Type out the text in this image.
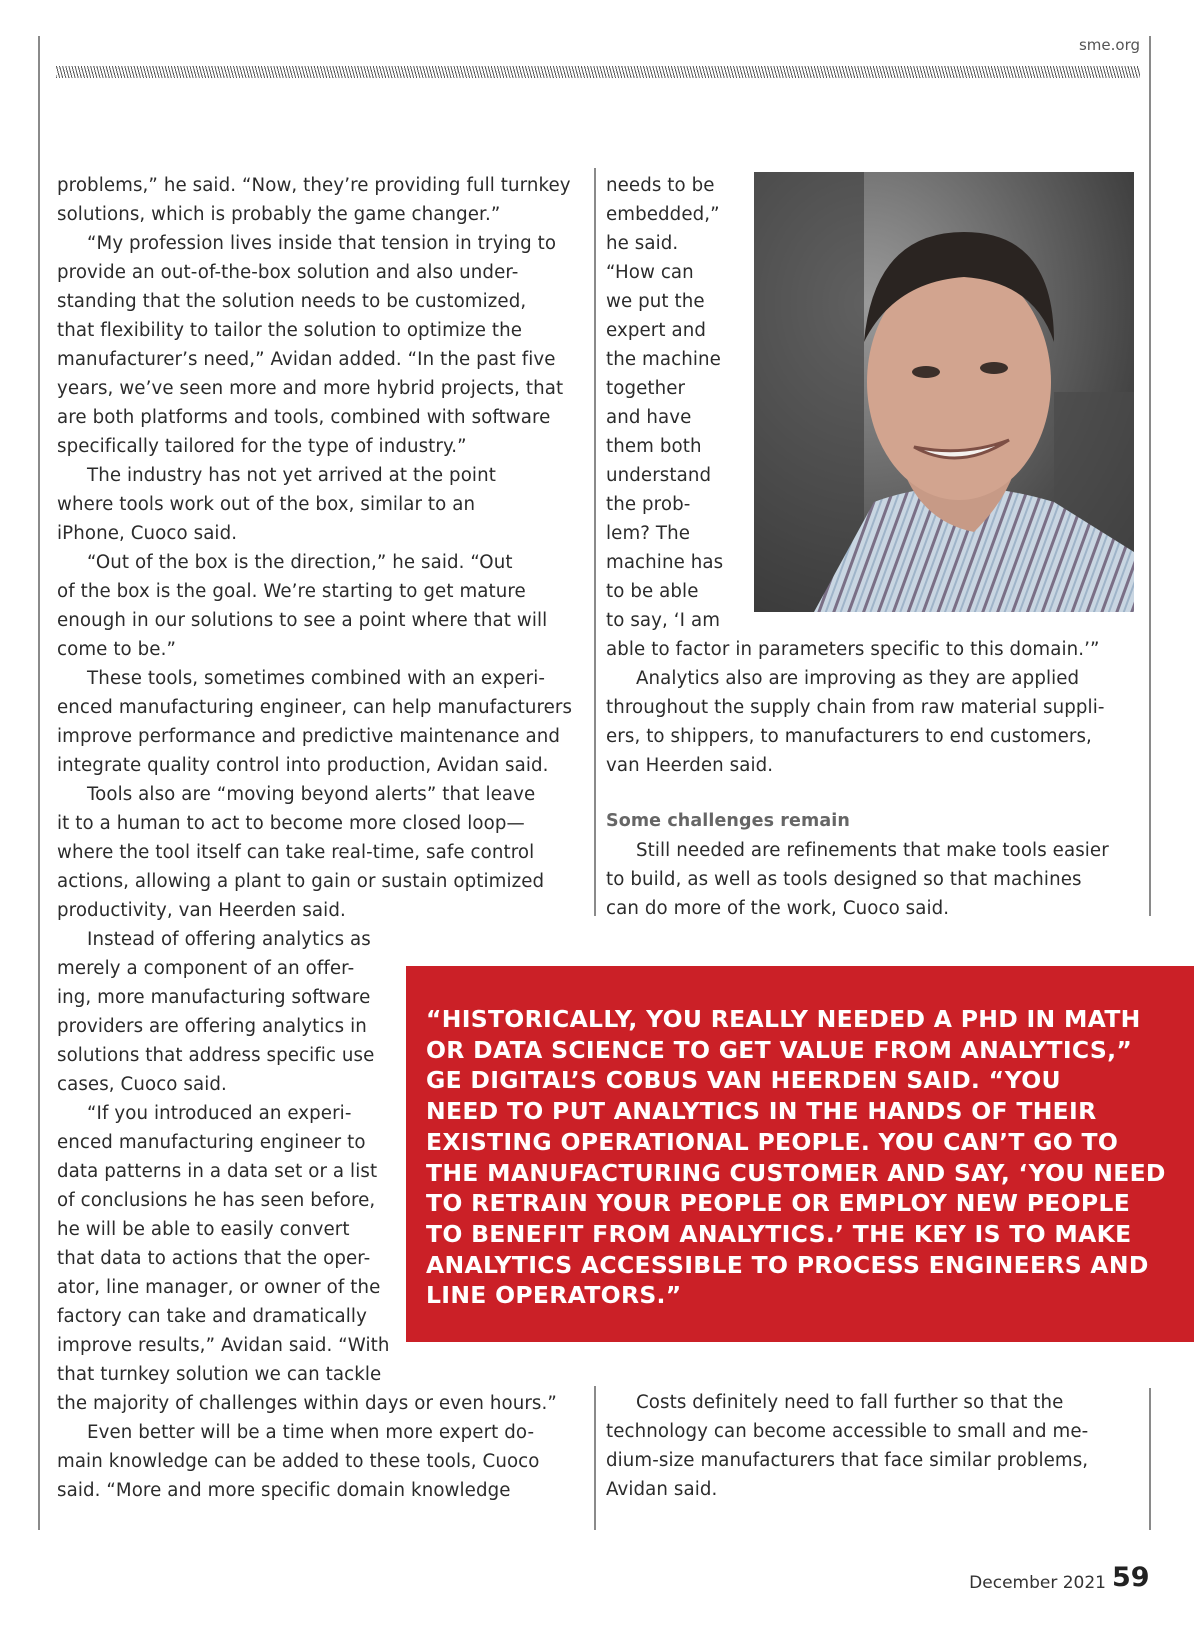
sme.org

problems,” he said. “Now, they’re providing full turnkey
solutions, which is probably the game changer.”

“My profession lives inside that tension in trying to
provide an out-of-the-box solution and also under-
standing that the solution needs to be customized,
that flexibility to tailor the solution to optimize the
manufacturer’s need,” Avidan added. “In the past five
years, we’ve seen more and more hybrid projects, that
are both platforms and tools, combined with software
specifically tailored for the type of industry.”

The industry has not yet arrived at the point
where tools work out of the box, similar to an
iPhone, Cuoco said.

“Out of the box is the direction,” he said. “Out
of the box is the goal. We’re starting to get mature
enough in our solutions to see a point where that will
come to be.”

These tools, sometimes combined with an experi-
enced manufacturing engineer, can help manufacturers
improve performance and predictive maintenance and
integrate quality control into production, Avidan said.

Tools also are “moving beyond alerts” that leave
it to a human to act to become more closed loop—
where the tool itself can take real-time, safe control
actions, allowing a plant to gain or sustain optimized
productivity, van Heerden said.

Instead of offering analytics as
merely a component of an offer-
ing, more manufacturing software
providers are offering analytics in
solutions that address specific use
cases, Cuoco said.

“If you introduced an experi-
enced manufacturing engineer to
data patterns in a data set or a list
of conclusions he has seen before,
he will be able to easily convert
that data to actions that the oper-
ator, line manager, or owner of the
factory can take and dramatically
improve results,” Avidan said. “With
that turnkey solution we can tackle
the majority of challenges within days or even hours.”

Even better will be a time when more expert do-
main knowledge can be added to these tools, Cuoco
said. “More and more specific domain knowledge

needs to be
embedded,”
he said.
“How can
we put the
expert and
the machine
together
and have
them both
understand
the prob-
lem? The
machine has
to be able
to say, ‘I am
able to factor in parameters specific to this domain.’”

Analytics also are improving as they are applied
throughout the supply chain from raw material suppli-
ers, to shippers, to manufacturers to end customers,
van Heerden said.

Some challenges remain

Still needed are refinements that make tools easier
to build, as well as tools designed so that machines
can do more of the work, Cuoco said.

“HISTORICALLY, YOU REALLY NEEDED A PHD IN MATH
OR DATA SCIENCE TO GET VALUE FROM ANALYTICS,”
GE DIGITAL’S COBUS VAN HEERDEN SAID. “YOU
NEED TO PUT ANALYTICS IN THE HANDS OF THEIR
EXISTING OPERATIONAL PEOPLE. YOU CAN’T GO TO
THE MANUFACTURING CUSTOMER AND SAY, ‘YOU NEED
TO RETRAIN YOUR PEOPLE OR EMPLOY NEW PEOPLE
TO BENEFIT FROM ANALYTICS.’ THE KEY IS TO MAKE
ANALYTICS ACCESSIBLE TO PROCESS ENGINEERS AND
LINE OPERATORS.”

Costs definitely need to fall further so that the
technology can become accessible to small and me-
dium-size manufacturers that face similar problems,
Avidan said.

December 2021 59
